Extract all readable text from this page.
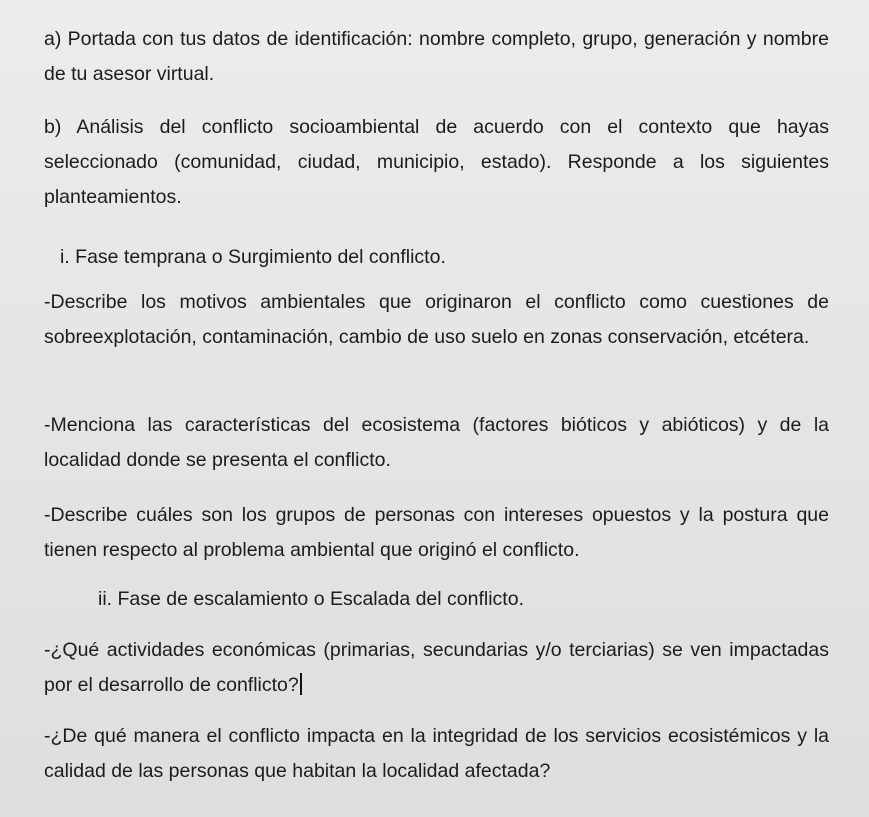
a) Portada con tus datos de identificación: nombre completo, grupo, generación y nombre de tu asesor virtual.
b) Análisis del conflicto socioambiental de acuerdo con el contexto que hayas seleccionado (comunidad, ciudad, municipio, estado). Responde a los siguientes planteamientos.
i. Fase temprana o Surgimiento del conflicto.
-Describe los motivos ambientales que originaron el conflicto como cuestiones de sobreexplotación, contaminación, cambio de uso suelo en zonas conservación, etcétera.
-Menciona las características del ecosistema (factores bióticos y abióticos) y de la localidad donde se presenta el conflicto.
-Describe cuáles son los grupos de personas con intereses opuestos y la postura que tienen respecto al problema ambiental que originó el conflicto.
ii. Fase de escalamiento o Escalada del conflicto.
-¿Qué actividades económicas (primarias, secundarias y/o terciarias) se ven impactadas por el desarrollo de conflicto?
-¿De qué manera el conflicto impacta en la integridad de los servicios ecosistémicos y la calidad de las personas que habitan la localidad afectada?
